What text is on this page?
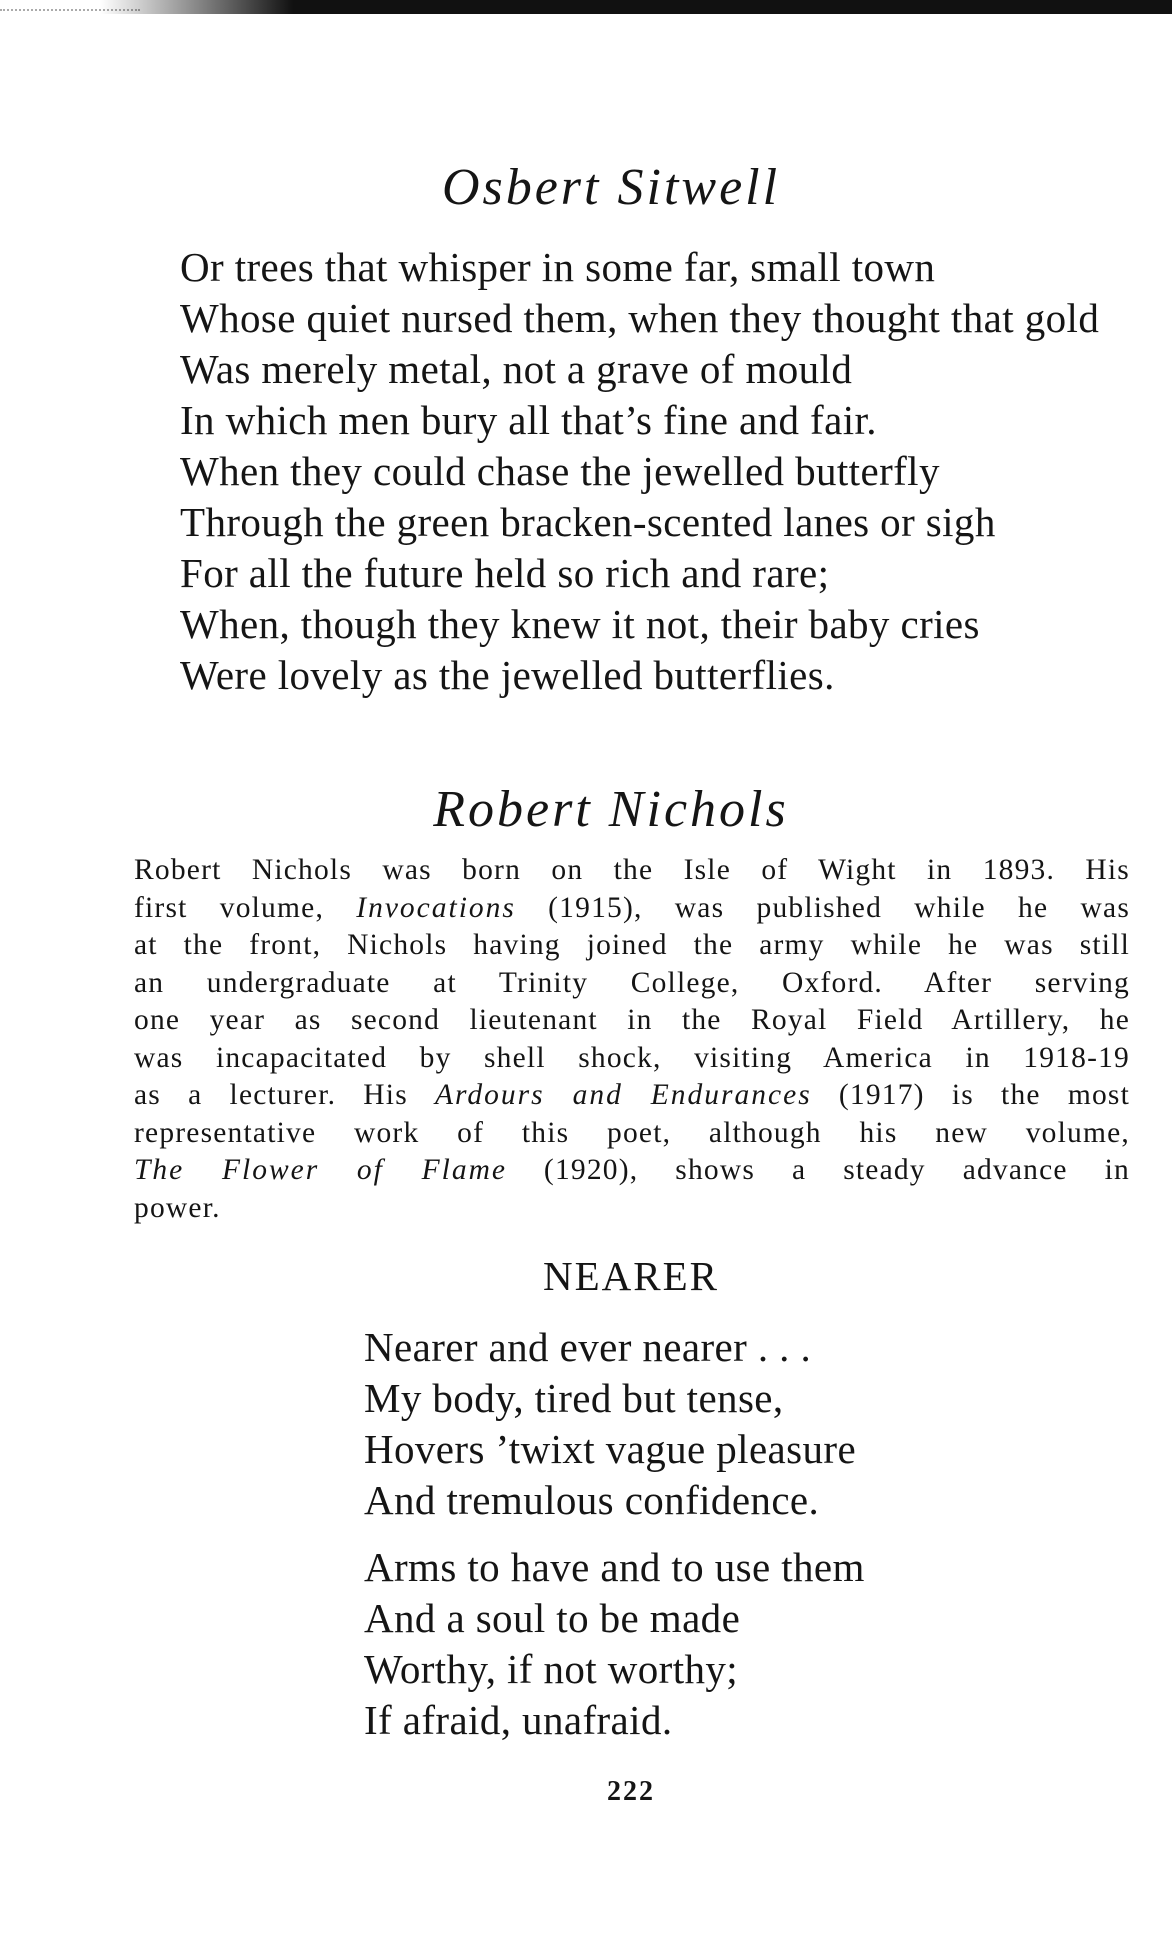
Osbert Sitwell
Or trees that whisper in some far, small town
Whose quiet nursed them, when they thought that gold
Was merely metal, not a grave of mould
In which men bury all that’s fine and fair.
When they could chase the jewelled butterfly
Through the green bracken-scented lanes or sigh
For all the future held so rich and rare;
When, though they knew it not, their baby cries
Were lovely as the jewelled butterflies.
Robert Nichols
Robert Nichols was born on the Isle of Wight in 1893. His
first volume, Invocations (1915), was published while he was
at the front, Nichols having joined the army while he was still
an undergraduate at Trinity College, Oxford. After serving
one year as second lieutenant in the Royal Field Artillery, he
was incapacitated by shell shock, visiting America in 1918-19
as a lecturer. His Ardours and Endurances (1917) is the most
representative work of this poet, although his new volume,
The Flower of Flame (1920), shows a steady advance in
power.
NEARER
Nearer and ever nearer . . .
My body, tired but tense,
Hovers ’twixt vague pleasure
And tremulous confidence.
Arms to have and to use them
And a soul to be made
Worthy, if not worthy;
If afraid, unafraid.
222
